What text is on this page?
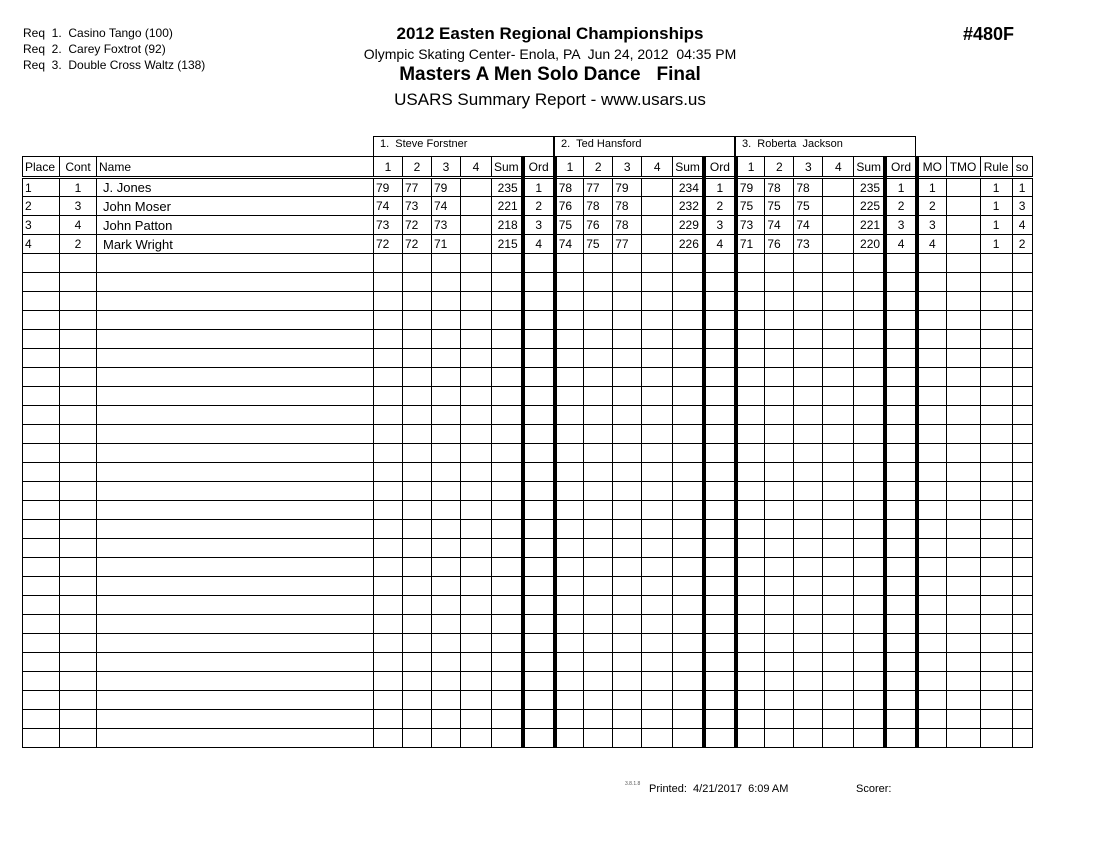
Req  1.  Casino Tango (100)
Req  2.  Carey Foxtrot (92)
Req  3.  Double Cross Waltz (138)
2012 Easten Regional Championships
Olympic Skating Center- Enola, PA  Jun 24, 2012  04:35 PM
Masters A Men Solo Dance   Final
USARS Summary Report - www.usars.us
#480F
1.  Steve Forstner	2.  Ted Hansford	3.  Roberta  Jackson
Place	Cont	Name	1	2	3	4	Sum	Ord	1	2	3	4	Sum	Ord	1	2	3	4	Sum	Ord	MO	TMO	Rule	so
1	1	J. Jones	79	77	79		235	1	78	77	79		234	1	79	78	78		235	1	1		1	1
2	3	John Moser	74	73	74		221	2	76	78	78		232	2	75	75	75		225	2	2		1	3
3	4	John Patton	73	72	73		218	3	75	76	78		229	3	73	74	74		221	3	3		1	4
4	2	Mark Wright	72	72	71		215	4	74	75	77		226	4	71	76	73		220	4	4		1	2

3.8.1.8 Printed:  4/21/2017  6:09 AM	Scorer:
